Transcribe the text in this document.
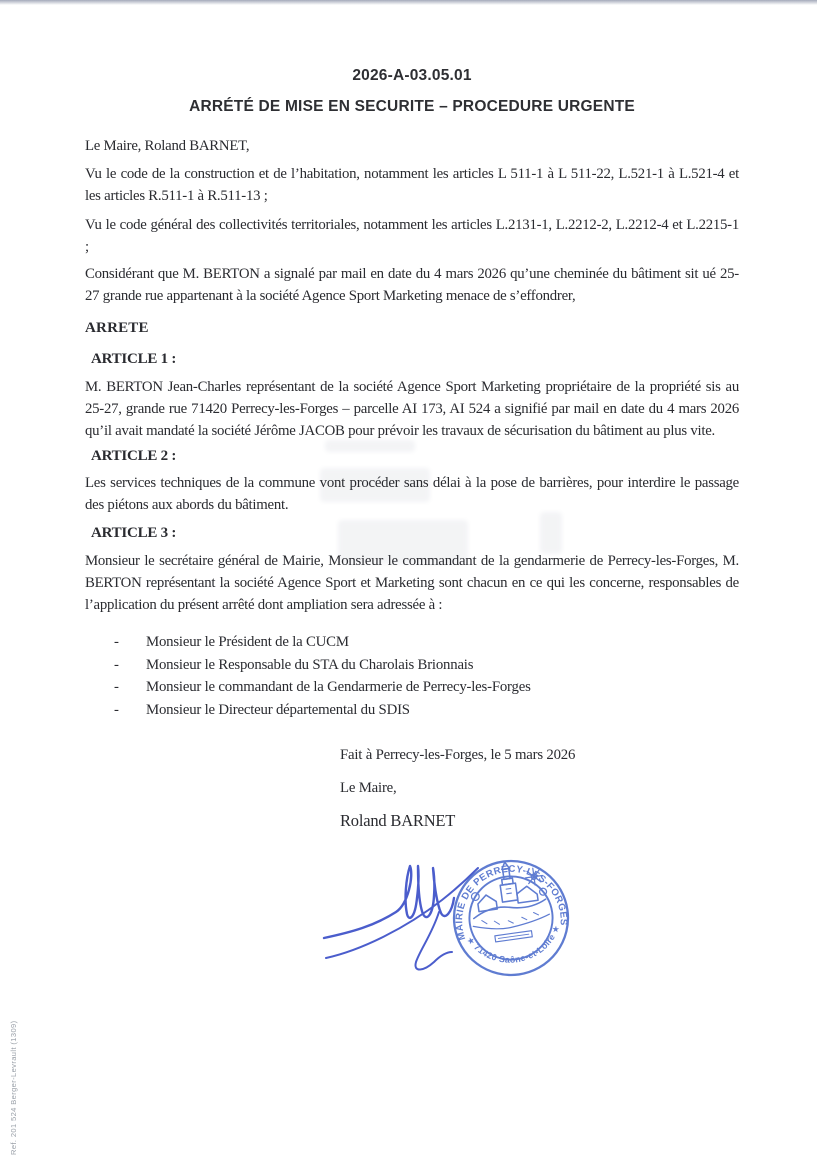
2026-A-03.05.01
ARRÉTÉ DE MISE EN SECURITE – PROCEDURE URGENTE

Le Maire, Roland BARNET,

Vu le code de la construction et de l’habitation, notamment les articles L 511-1 à L 511-22, L.521-1 à L.521-4 et les articles R.511-1 à R.511-13 ;

Vu le code général des collectivités territoriales, notamment les articles L.2131-1, L.2212-2, L.2212-4 et L.2215-1 ;

Considérant que M. BERTON a signalé par mail en date du 4 mars 2026 qu’une cheminée du bâtiment sit ué 25-27 grande rue appartenant à la société Agence Sport Marketing menace de s’effondrer,

ARRETE

ARTICLE 1 :

M. BERTON Jean-Charles représentant de la société Agence Sport Marketing propriétaire de la propriété sis au 25-27, grande rue 71420 Perrecy-les-Forges – parcelle AI 173, AI 524 a signifié par mail en date du 4 mars 2026 qu’il avait mandaté la société Jérôme JACOB pour prévoir les travaux de sécurisation du bâtiment au plus vite.

ARTICLE 2 :

Les services techniques de la commune vont procéder sans délai à la pose de barrières, pour interdire le passage des piétons aux abords du bâtiment.

ARTICLE 3 :

Monsieur le secrétaire général de Mairie, Monsieur le commandant de la gendarmerie de Perrecy-les-Forges, M. BERTON représentant la société Agence Sport et Marketing sont chacun en ce qui les concerne, responsables de l’application du présent arrêté dont ampliation sera adressée à :

-	Monsieur le Président de la CUCM
-	Monsieur le Responsable du STA du Charolais Brionnais
-	Monsieur le commandant de la Gendarmerie de Perrecy-les-Forges
-	Monsieur le Directeur départemental du SDIS
Fait à Perrecy-les-Forges, le 5 mars 2026
Le Maire,
Roland BARNET
MAIRIE DE PERRECY-LES-FORGES
★ 71420 Saône-et-Loire ★
Ref. 201 524 Berger-Levrault (1309)
